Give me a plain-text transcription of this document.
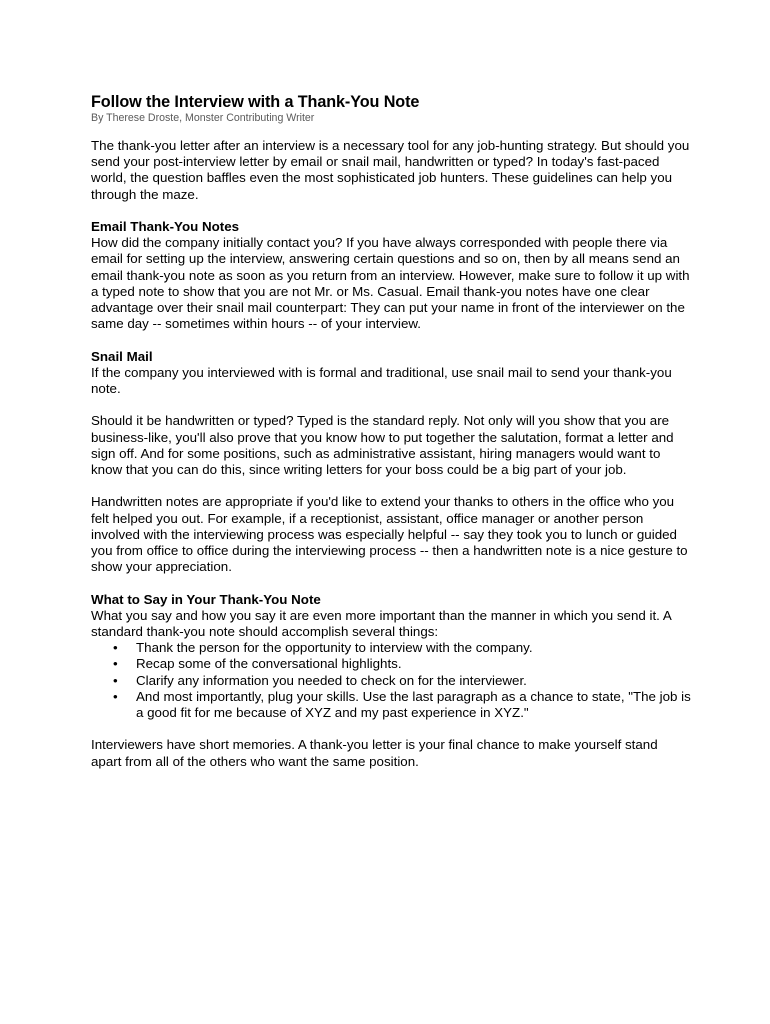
Follow the Interview with a Thank-You Note

By Therese Droste, Monster Contributing Writer

The thank-you letter after an interview is a necessary tool for any job-hunting strategy. But should you send your post-interview letter by email or snail mail, handwritten or typed? In today's fast-paced world, the question baffles even the most sophisticated job hunters. These guidelines can help you through the maze.

Email Thank-You Notes

How did the company initially contact you? If you have always corresponded with people there via email for setting up the interview, answering certain questions and so on, then by all means send an email thank-you note as soon as you return from an interview. However, make sure to follow it up with a typed note to show that you are not Mr. or Ms. Casual. Email thank-you notes have one clear advantage over their snail mail counterpart: They can put your name in front of the interviewer on the same day -- sometimes within hours -- of your interview.

Snail Mail

If the company you interviewed with is formal and traditional, use snail mail to send your thank-you note.

Should it be handwritten or typed? Typed is the standard reply. Not only will you show that you are business-like, you'll also prove that you know how to put together the salutation, format a letter and sign off. And for some positions, such as administrative assistant, hiring managers would want to know that you can do this, since writing letters for your boss could be a big part of your job.

Handwritten notes are appropriate if you'd like to extend your thanks to others in the office who you felt helped you out. For example, if a receptionist, assistant, office manager or another person involved with the interviewing process was especially helpful -- say they took you to lunch or guided you from office to office during the interviewing process -- then a handwritten note is a nice gesture to show your appreciation.

What to Say in Your Thank-You Note

What you say and how you say it are even more important than the manner in which you send it. A standard thank-you note should accomplish several things:

• Thank the person for the opportunity to interview with the company.
• Recap some of the conversational highlights.
• Clarify any information you needed to check on for the interviewer.
• And most importantly, plug your skills. Use the last paragraph as a chance to state, "The job is a good fit for me because of XYZ and my past experience in XYZ."

Interviewers have short memories. A thank-you letter is your final chance to make yourself stand apart from all of the others who want the same position.
